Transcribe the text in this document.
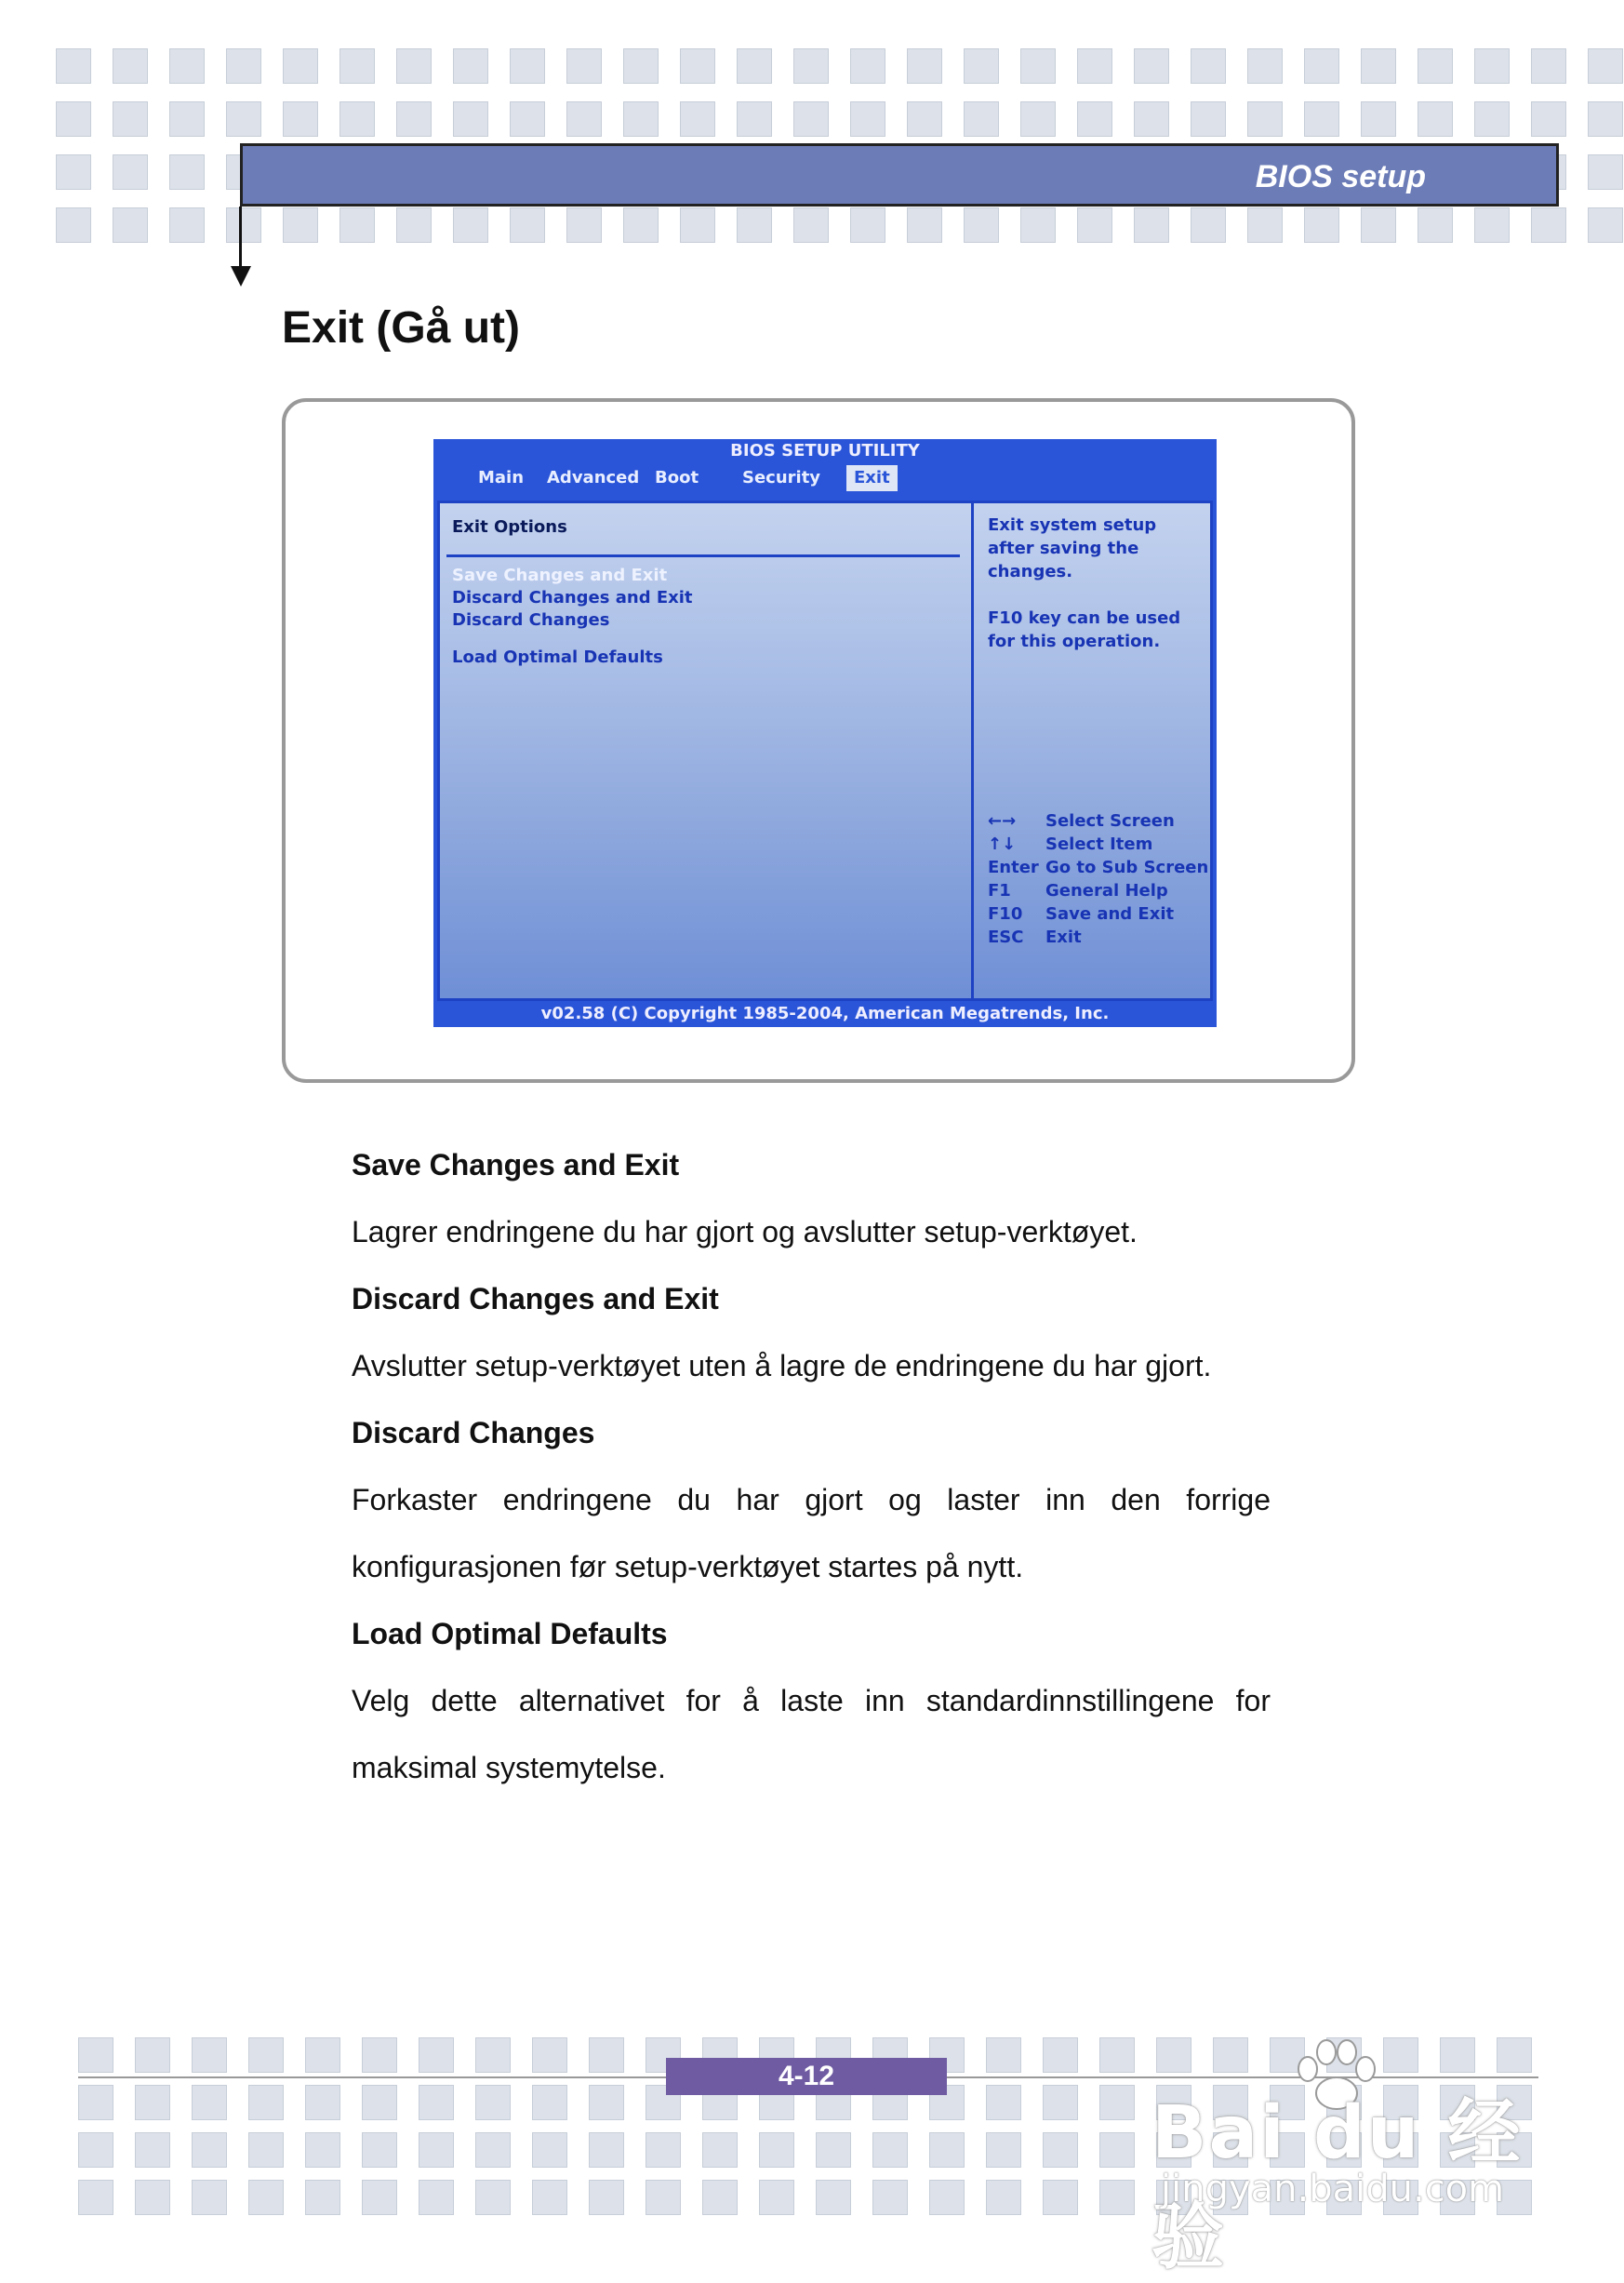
BIOS setup
Exit (Gå ut)
BIOS SETUP UTILITY
Main Advanced Boot	Security	Exit
Exit Options
Save Changes and Exit
Discard Changes and Exit
Discard Changes
Load Optimal Defaults
Exit system setup
after saving the
changes.
F10 key can be used
for this operation.
←→ Select Screen
↑↓ Select Item
Enter Go to Sub Screen
F1 General Help
F10 Save and Exit
ESC Exit
v02.58 (C) Copyright 1985-2004, American Megatrends, Inc.
Save Changes and Exit
Lagrer endringene du har gjort og avslutter setup-verktøyet.
Discard Changes and Exit
Avslutter setup-verktøyet uten å lagre de endringene du har gjort.
Discard Changes
Forkaster endringene du har gjort og laster inn den forrige
konfigurasjonen før setup-verktøyet startes på nytt.
Load Optimal Defaults
Velg dette alternativet for å laste inn standardinnstillingene for
maksimal systemytelse.
4-12
Bai du 经验
jingyan.baidu.com
